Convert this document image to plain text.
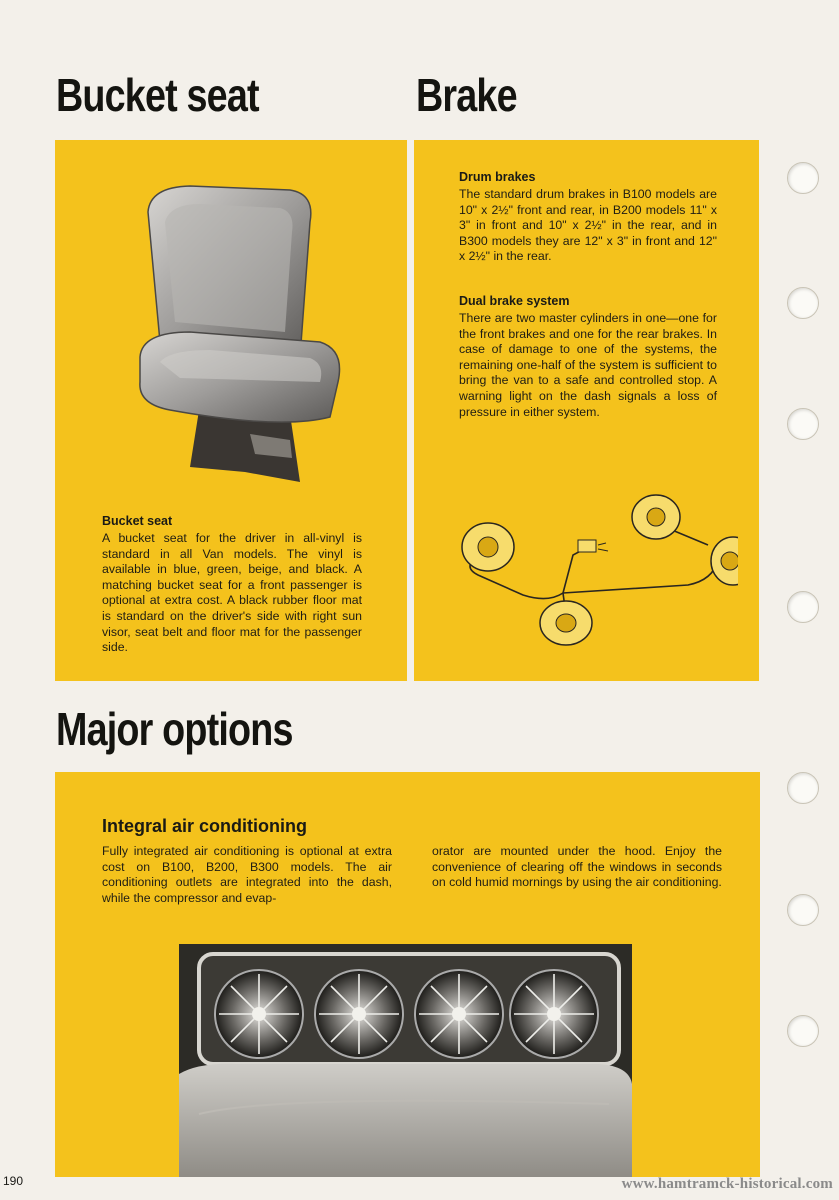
Bucket seat	Brake

Bucket seat

A bucket seat for the driver in all-vinyl is standard in all Van models. The vinyl is available in blue, green, beige, and black. A matching bucket seat for a front passenger is optional at extra cost. A black rubber floor mat is standard on the driver's side with right sun visor, seat belt and floor mat for the passenger side.

Drum brakes

The standard drum brakes in B100 models are 10" x 2½" front and rear, in B200 models 11" x 3" in front and 10" x 2½" in the rear, and in B300 models they are 12" x 3" in front and 12" x 2½" in the rear.

Dual brake system

There are two master cylinders in one—one for the front brakes and one for the rear brakes. In case of damage to one of the systems, the remaining one-half of the system is sufficient to bring the van to a safe and controlled stop. A warning light on the dash signals a loss of pressure in either system.

Major options
Integral air conditioning

Fully integrated air conditioning is optional at extra cost on B100, B200, B300 models. The air conditioning outlets are integrated into the dash, while the compressor and evap-

orator are mounted under the hood. Enjoy the convenience of clearing off the windows in seconds on cold humid mornings by using the air conditioning.

190	www.hamtramck-historical.com
